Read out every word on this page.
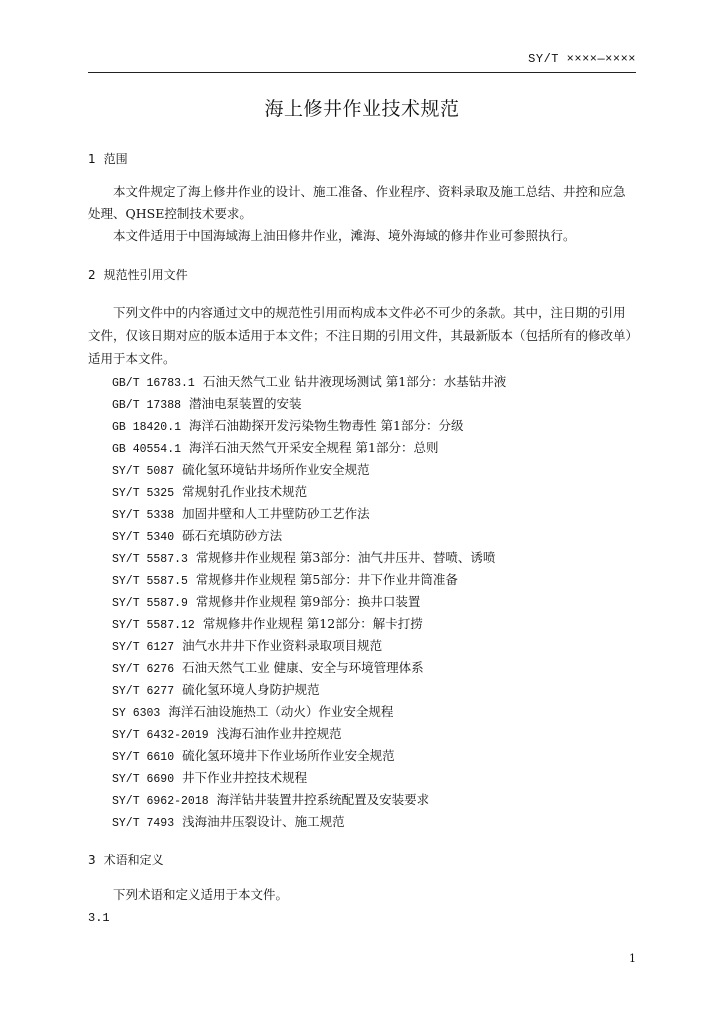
SY/T ××××—××××
海上修井作业技术规范
1 范围
　　本文件规定了海上修井作业的设计、施工准备、作业程序、资料录取及施工总结、井控和应急
处理、QHSE控制技术要求。
　　本文件适用于中国海域海上油田修井作业，滩海、境外海域的修井作业可参照执行。
2 规范性引用文件
　　下列文件中的内容通过文中的规范性引用而构成本文件必不可少的条款。其中，注日期的引用
文件，仅该日期对应的版本适用于本文件；不注日期的引用文件，其最新版本（包括所有的修改单）
适用于本文件。
GB/T 16783.1 石油天然气工业 钻井液现场测试 第1部分：水基钻井液
GB/T 17388 潜油电泵装置的安装
GB 18420.1 海洋石油勘探开发污染物生物毒性 第1部分：分级
GB 40554.1 海洋石油天然气开采安全规程 第1部分：总则
SY/T 5087 硫化氢环境钻井场所作业安全规范
SY/T 5325 常规射孔作业技术规范
SY/T 5338 加固井壁和人工井壁防砂工艺作法
SY/T 5340 砾石充填防砂方法
SY/T 5587.3 常规修井作业规程 第3部分：油气井压井、替喷、诱喷
SY/T 5587.5 常规修井作业规程 第5部分：井下作业井筒准备
SY/T 5587.9 常规修井作业规程 第9部分：换井口装置
SY/T 5587.12 常规修井作业规程 第12部分：解卡打捞
SY/T 6127 油气水井井下作业资料录取项目规范
SY/T 6276 石油天然气工业 健康、安全与环境管理体系
SY/T 6277 硫化氢环境人身防护规范
SY 6303 海洋石油设施热工（动火）作业安全规程
SY/T 6432-2019 浅海石油作业井控规范
SY/T 6610 硫化氢环境井下作业场所作业安全规范
SY/T 6690 井下作业井控技术规程
SY/T 6962-2018 海洋钻井装置井控系统配置及安装要求
SY/T 7493 浅海油井压裂设计、施工规范
3 术语和定义
　　下列术语和定义适用于本文件。
3.1
1
